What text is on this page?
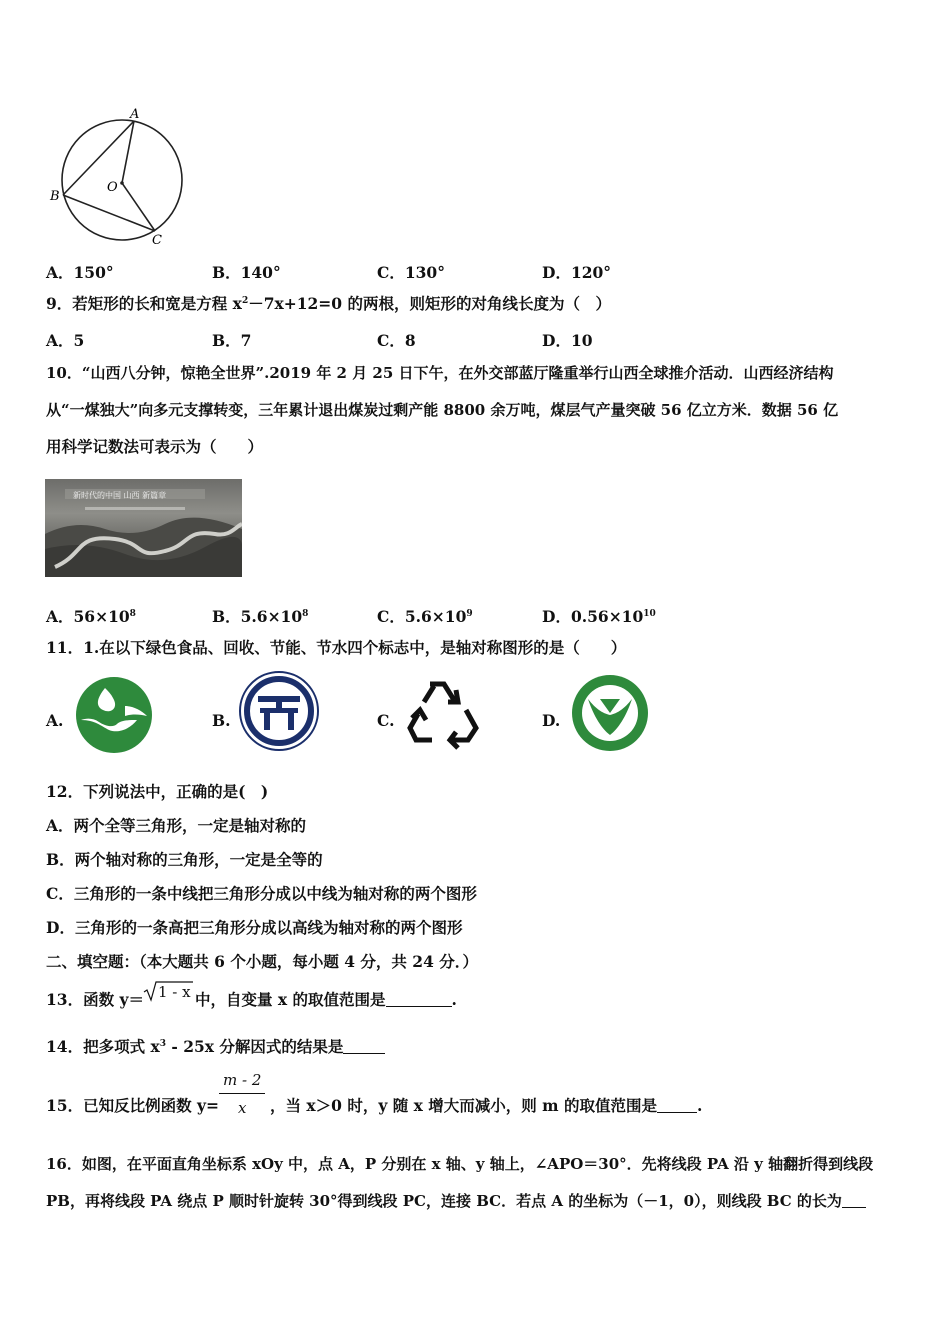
A
B
C
O
A．150°	B．140°	C．130°	D．120°
9．若矩形的长和宽是方程 $x^2-7x+12=0$ 的两根，则矩形的对角线长度为（　）
A．5	B．7	C．8	D．10
10．“山西八分钟，惊艳全世界”.2019 年 2 月 25 日下午，在外交部蓝厅隆重举行山西全球推介活动．山西经济结构
从“一煤独大”向多元支撑转变，三年累计退出煤炭过剩产能 8800 余万吨，煤层气产量突破 56 亿立方米．数据 56 亿
用科学记数法可表示为（　　）
新时代的中国 山西 新篇章
A．$56\times 10^8$	B．$5.6\times 10^8$	C．$5.6\times 10^9$	D．$0.56\times 10^{10}$
11．1.在以下绿色食品、回收、节能、节水四个标志中，是轴对称图形的是（　　）
A.	B.	C.	D.
12．下列说法中，正确的是(　)
A．两个全等三角形，一定是轴对称的
B．两个轴对称的三角形，一定是全等的
C．三角形的一条中线把三角形分成以中线为轴对称的两个图形
D．三角形的一条高把三角形分成以高线为轴对称的两个图形
二、填空题：（本大题共 6 个小题，每小题 4 分，共 24 分．）
13．函数 y＝ 1 - x 中，自变量 x 的取值范围是	.
14．把多项式 $x^3 - 25x$ 分解因式的结果是
15．已知反比例函数 y=
m - 2
x ，当 x＞0 时，y 随 x 增大而减小，则 m 的取值范围是	.
16．如图，在平面直角坐标系 xOy 中，点 A，P 分别在 x 轴、y 轴上，∠APO＝30°．先将线段 PA 沿 y 轴翻折得到线段
PB，再将线段 PA 绕点 P 顺时针旋转 30°得到线段 PC，连接 BC．若点 A 的坐标为（－1，0），则线段 BC 的长为
